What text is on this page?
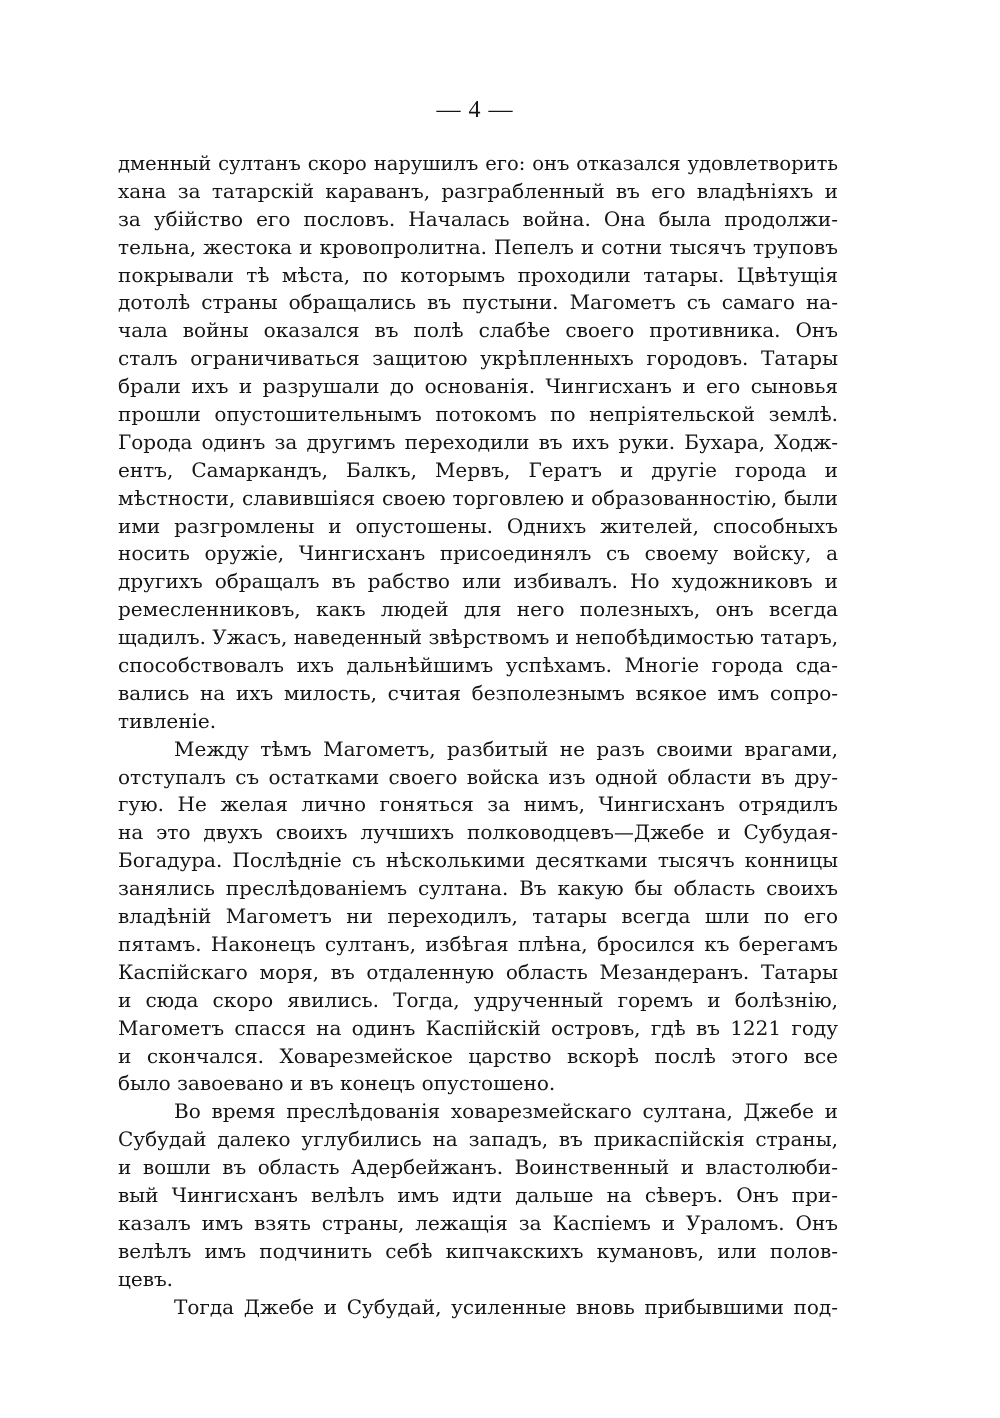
— 4 —
дменный султанъ скоро нарушилъ его: онъ отказался удовлетворить
хана за татарскій караванъ, разграбленный въ его владѣніяхъ и
за убійство его пословъ. Началась война. Она была продолжи-
тельна, жестока и кровопролитна. Пепелъ и сотни тысячъ труповъ
покрывали тѣ мѣста, по которымъ проходили татары. Цвѣтущія
дотолѣ страны обращались въ пустыни. Магометъ съ самаго на-
чала войны оказался въ полѣ слабѣе своего противника. Онъ
сталъ ограничиваться защитою укрѣпленныхъ городовъ. Татары
брали ихъ и разрушали до основанія. Чингисханъ и его сыновья
прошли опустошительнымъ потокомъ по непріятельской землѣ.
Города одинъ за другимъ переходили въ ихъ руки. Бухара, Ходж-
ентъ, Самаркандъ, Балкъ, Мервъ, Гератъ и другіе города и
мѣстности, славившіяся своею торговлею и образованностію, были
ими разгромлены и опустошены. Однихъ жителей, способныхъ
носить оружіе, Чингисханъ присоединялъ съ своему войску, а
другихъ обращалъ въ рабство или избивалъ. Но художниковъ и
ремесленниковъ, какъ людей для него полезныхъ, онъ всегда
щадилъ. Ужасъ, наведенный звѣрствомъ и непобѣдимостью татаръ,
способствовалъ ихъ дальнѣйшимъ успѣхамъ. Многіе города сда-
вались на ихъ милость, считая безполезнымъ всякое имъ сопро-
тивленіе.
Между тѣмъ Магометъ, разбитый не разъ своими врагами,
отступалъ съ остатками своего войска изъ одной области въ дру-
гую. Не желая лично гоняться за нимъ, Чингисханъ отрядилъ
на это двухъ своихъ лучшихъ полководцевъ—Джебе и Субудая-
Богадура. Послѣдніе съ нѣсколькими десятками тысячъ конницы
занялись преслѣдованіемъ султана. Въ какую бы область своихъ
владѣній Магометъ ни переходилъ, татары всегда шли по его
пятамъ. Наконецъ султанъ, избѣгая плѣна, бросился къ берегамъ
Каспійскаго моря, въ отдаленную область Мезандеранъ. Татары
и сюда скоро явились. Тогда, удрученный горемъ и болѣзнію,
Магометъ спасся на одинъ Каспійскій островъ, гдѣ въ 1221 году
и скончался. Ховарезмейское царство вскорѣ послѣ этого все
было завоевано и въ конецъ опустошено.
Во время преслѣдованія ховарезмейскаго султана, Джебе и
Субудай далеко углубились на западъ, въ прикаспійскія страны,
и вошли въ область Адербейжанъ. Воинственный и властолюби-
вый Чингисханъ велѣлъ имъ идти дальше на сѣверъ. Онъ при-
казалъ имъ взять страны, лежащія за Каспіемъ и Ураломъ. Онъ
велѣлъ имъ подчинить себѣ кипчакскихъ кумановъ, или полов-
цевъ.
Тогда Джебе и Субудай, усиленные вновь прибывшими под-
